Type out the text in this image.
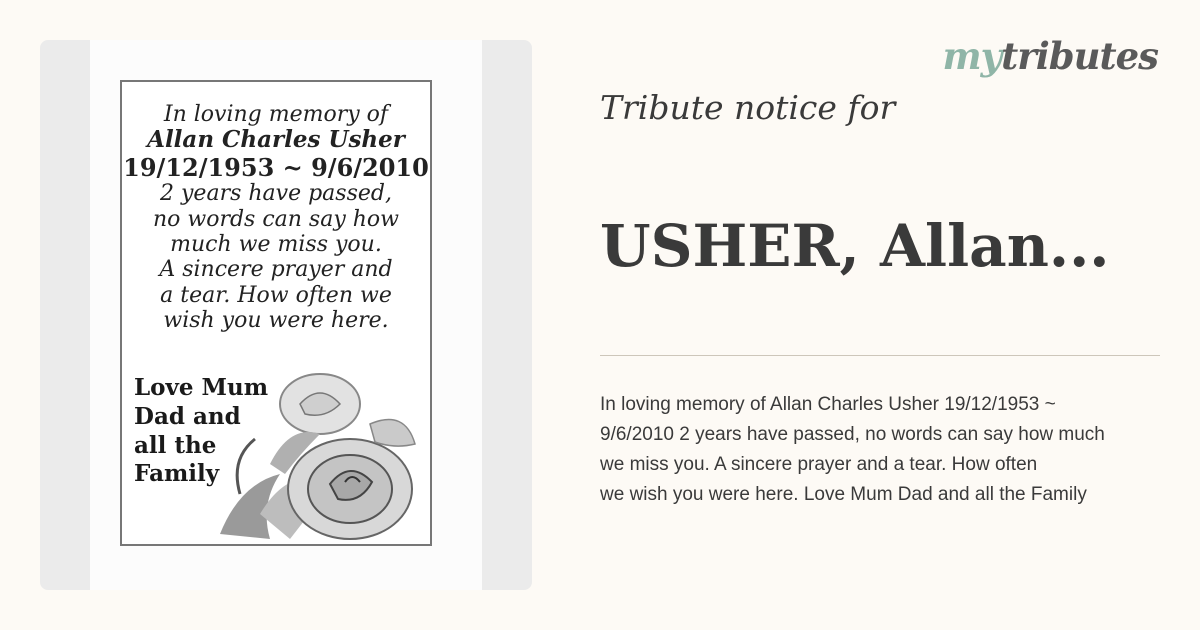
In loving memory of
Allan Charles Usher
19/12/1953 ~ 9/6/2010
2 years have passed,
no words can say how
much we miss you.
A sincere prayer and
a tear. How often we
wish you were here.
Love Mum
Dad and
all the
Family
mytributes
Tribute notice for
USHER, Allan...
In loving memory of Allan Charles Usher 19/12/1953 ~
9/6/2010 2 years have passed, no words can say how much
we miss you. A sincere prayer and a tear. How often
we wish you were here. Love Mum Dad and all the Family
